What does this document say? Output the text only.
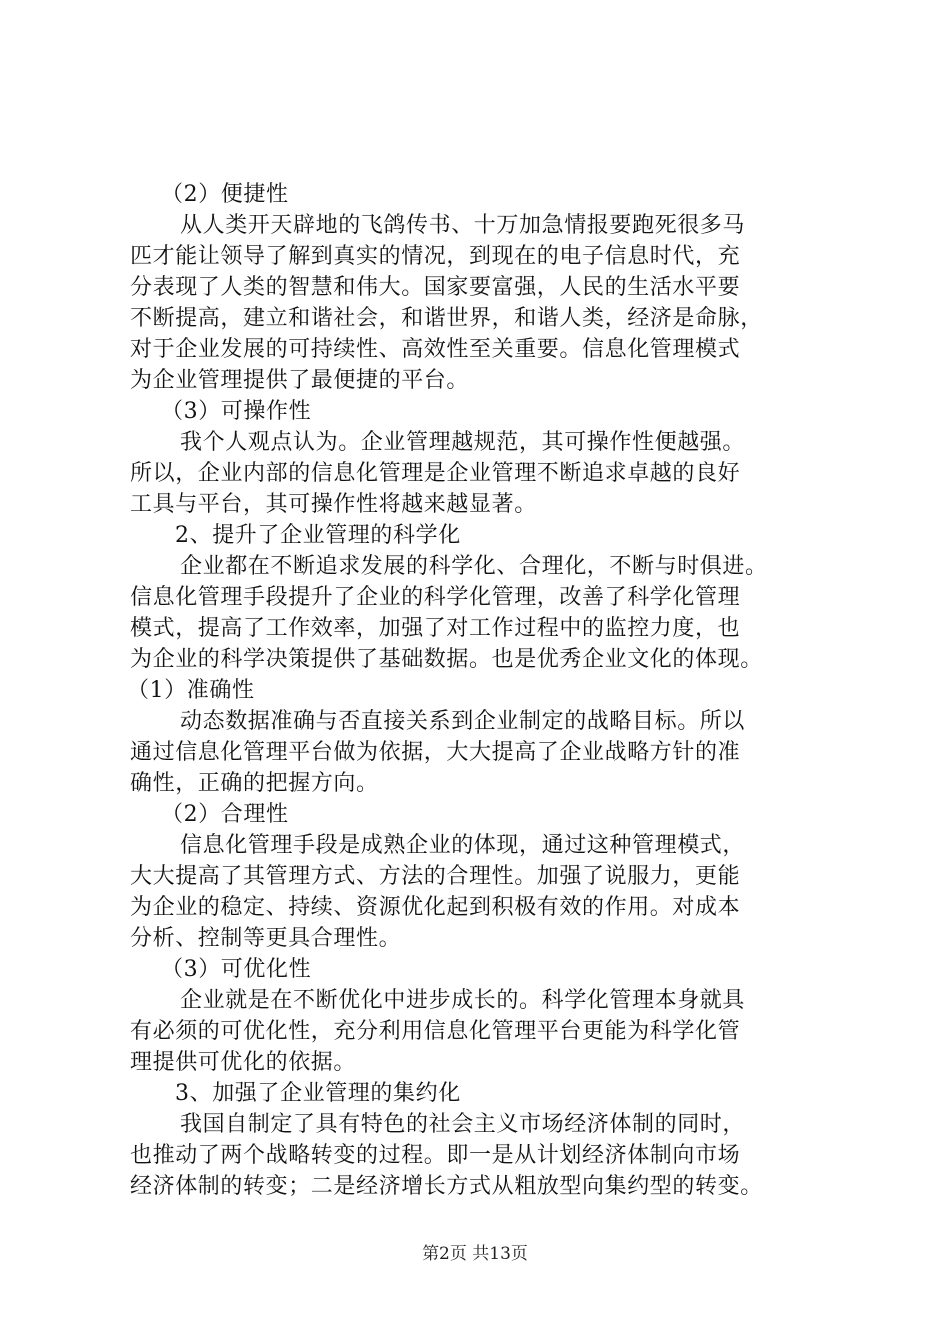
（2）便捷性
从人类开天辟地的飞鸽传书、十万加急情报要跑死很多马
匹才能让领导了解到真实的情况，到现在的电子信息时代，充
分表现了人类的智慧和伟大。国家要富强，人民的生活水平要
不断提高，建立和谐社会，和谐世界，和谐人类，经济是命脉，
对于企业发展的可持续性、高效性至关重要。信息化管理模式
为企业管理提供了最便捷的平台。
（3）可操作性
我个人观点认为。企业管理越规范，其可操作性便越强。
所以，企业内部的信息化管理是企业管理不断追求卓越的良好
工具与平台，其可操作性将越来越显著。
2、提升了企业管理的科学化
企业都在不断追求发展的科学化、合理化，不断与时俱进。
信息化管理手段提升了企业的科学化管理，改善了科学化管理
模式，提高了工作效率，加强了对工作过程中的监控力度，也
为企业的科学决策提供了基础数据。也是优秀企业文化的体现。
（1）准确性
动态数据准确与否直接关系到企业制定的战略目标。所以
通过信息化管理平台做为依据，大大提高了企业战略方针的准
确性，正确的把握方向。
（2）合理性
信息化管理手段是成熟企业的体现，通过这种管理模式，
大大提高了其管理方式、方法的合理性。加强了说服力，更能
为企业的稳定、持续、资源优化起到积极有效的作用。对成本
分析、控制等更具合理性。
（3）可优化性
企业就是在不断优化中进步成长的。科学化管理本身就具
有必须的可优化性，充分利用信息化管理平台更能为科学化管
理提供可优化的依据。
3、加强了企业管理的集约化
我国自制定了具有特色的社会主义市场经济体制的同时，
也推动了两个战略转变的过程。即一是从计划经济体制向市场
经济体制的转变；二是经济增长方式从粗放型向集约型的转变。
第2页 共13页
